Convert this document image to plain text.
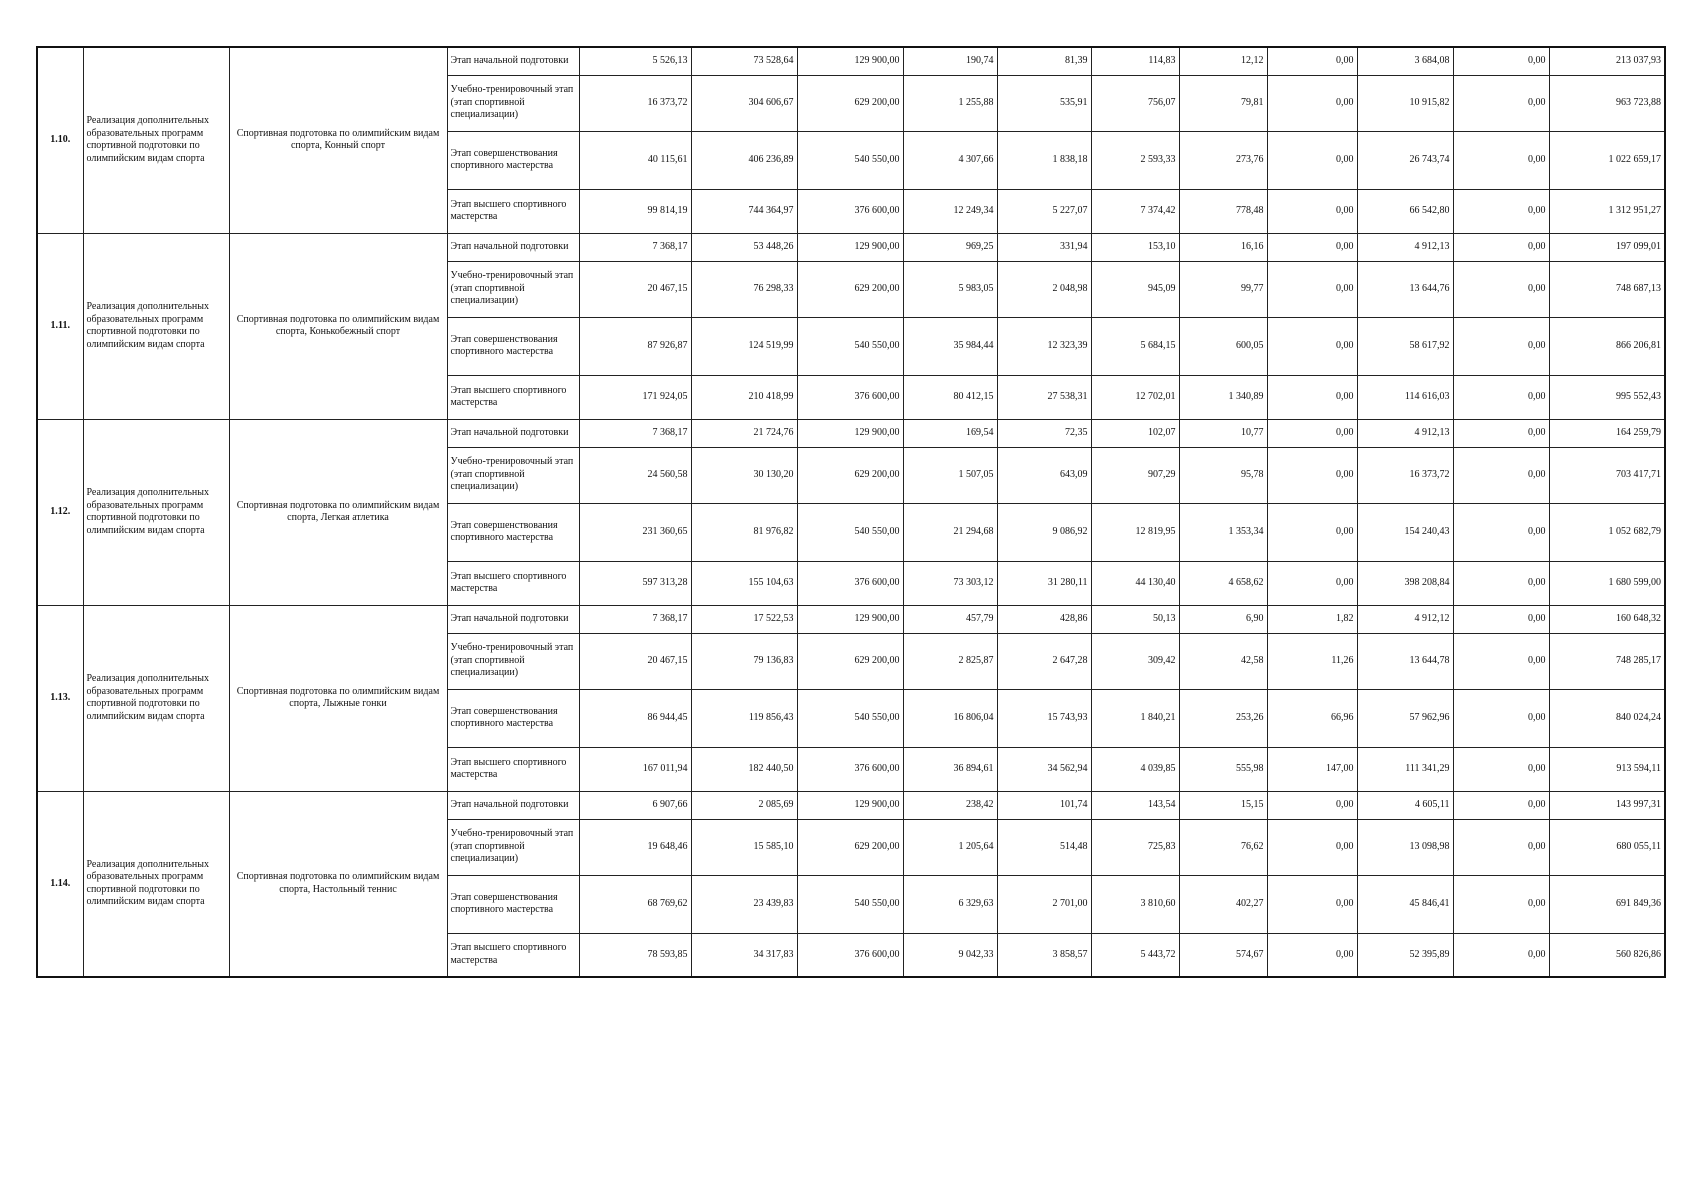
1.10.	Реализация дополнительных образовательных программ спортивной подготовки по олимпийским видам спорта	Спортивная подготовка по олимпийским видам спорта, Конный спорт	Этап начальной подготовки	5 526,13	73 528,64	129 900,00	190,74	81,39	114,83	12,12	0,00	3 684,08	0,00	213 037,93
			Учебно-тренировочный этап (этап спортивной специализации)	16 373,72	304 606,67	629 200,00	1 255,88	535,91	756,07	79,81	0,00	10 915,82	0,00	963 723,88
			Этап совершенствования спортивного мастерства	40 115,61	406 236,89	540 550,00	4 307,66	1 838,18	2 593,33	273,76	0,00	26 743,74	0,00	1 022 659,17
			Этап высшего спортивного мастерства	99 814,19	744 364,97	376 600,00	12 249,34	5 227,07	7 374,42	778,48	0,00	66 542,80	0,00	1 312 951,27
1.11.	Реализация дополнительных образовательных программ спортивной подготовки по олимпийским видам спорта	Спортивная подготовка по олимпийским видам спорта, Конькобежный спорт	Этап начальной подготовки	7 368,17	53 448,26	129 900,00	969,25	331,94	153,10	16,16	0,00	4 912,13	0,00	197 099,01
			Учебно-тренировочный этап (этап спортивной специализации)	20 467,15	76 298,33	629 200,00	5 983,05	2 048,98	945,09	99,77	0,00	13 644,76	0,00	748 687,13
			Этап совершенствования спортивного мастерства	87 926,87	124 519,99	540 550,00	35 984,44	12 323,39	5 684,15	600,05	0,00	58 617,92	0,00	866 206,81
			Этап высшего спортивного мастерства	171 924,05	210 418,99	376 600,00	80 412,15	27 538,31	12 702,01	1 340,89	0,00	114 616,03	0,00	995 552,43
1.12.	Реализация дополнительных образовательных программ спортивной подготовки по олимпийским видам спорта	Спортивная подготовка по олимпийским видам спорта, Легкая атлетика	Этап начальной подготовки	7 368,17	21 724,76	129 900,00	169,54	72,35	102,07	10,77	0,00	4 912,13	0,00	164 259,79
			Учебно-тренировочный этап (этап спортивной специализации)	24 560,58	30 130,20	629 200,00	1 507,05	643,09	907,29	95,78	0,00	16 373,72	0,00	703 417,71
			Этап совершенствования спортивного мастерства	231 360,65	81 976,82	540 550,00	21 294,68	9 086,92	12 819,95	1 353,34	0,00	154 240,43	0,00	1 052 682,79
			Этап высшего спортивного мастерства	597 313,28	155 104,63	376 600,00	73 303,12	31 280,11	44 130,40	4 658,62	0,00	398 208,84	0,00	1 680 599,00
1.13.	Реализация дополнительных образовательных программ спортивной подготовки по олимпийским видам спорта	Спортивная подготовка по олимпийским видам спорта, Лыжные гонки	Этап начальной подготовки	7 368,17	17 522,53	129 900,00	457,79	428,86	50,13	6,90	1,82	4 912,12	0,00	160 648,32
			Учебно-тренировочный этап (этап спортивной специализации)	20 467,15	79 136,83	629 200,00	2 825,87	2 647,28	309,42	42,58	11,26	13 644,78	0,00	748 285,17
			Этап совершенствования спортивного мастерства	86 944,45	119 856,43	540 550,00	16 806,04	15 743,93	1 840,21	253,26	66,96	57 962,96	0,00	840 024,24
			Этап высшего спортивного мастерства	167 011,94	182 440,50	376 600,00	36 894,61	34 562,94	4 039,85	555,98	147,00	111 341,29	0,00	913 594,11
1.14.	Реализация дополнительных образовательных программ спортивной подготовки по олимпийским видам спорта	Спортивная подготовка по олимпийским видам спорта, Настольный теннис	Этап начальной подготовки	6 907,66	2 085,69	129 900,00	238,42	101,74	143,54	15,15	0,00	4 605,11	0,00	143 997,31
			Учебно-тренировочный этап (этап спортивной специализации)	19 648,46	15 585,10	629 200,00	1 205,64	514,48	725,83	76,62	0,00	13 098,98	0,00	680 055,11
			Этап совершенствования спортивного мастерства	68 769,62	23 439,83	540 550,00	6 329,63	2 701,00	3 810,60	402,27	0,00	45 846,41	0,00	691 849,36
			Этап высшего спортивного мастерства	78 593,85	34 317,83	376 600,00	9 042,33	3 858,57	5 443,72	574,67	0,00	52 395,89	0,00	560 826,86
